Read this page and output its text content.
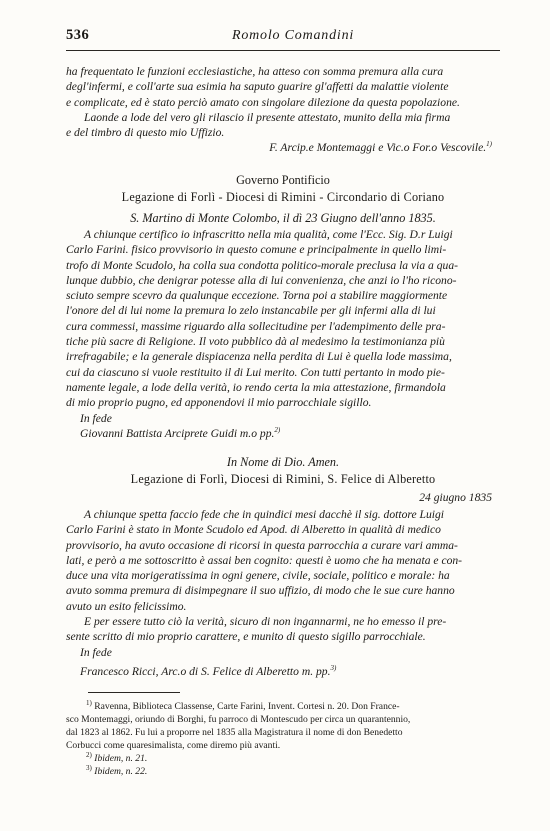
536	Romolo Comandini
ha frequentato le funzioni ecclesiastiche, ha atteso con somma premura alla cura
degl'infermi, e coll'arte sua esimia ha saputo guarire gl'affetti da malattie violente
e complicate, ed è stato perciò amato con singolare dilezione da questa popolazione.
Laonde a lode del vero gli rilascio il presente attestato, munito della mia firma
e del timbro di questo mio Uffizio.
F. Arcip.e Montemaggi e Vic.o For.o Vescovile.$^{1)}$
Governo Pontificio
Legazione di Forlì - Diocesi di Rimini - Circondario di Coriano
S. Martino di Monte Colombo, il dì 23 Giugno dell'anno 1835.
A chiunque certifico io infrascritto nella mia qualità, come l'Ecc. Sig. D.r Luigi
Carlo Farini. fisico provvisorio in questo comune e principalmente in quello limi-
trofo di Monte Scudolo, ha colla sua condotta politico-morale preclusa la via a qua-
lunque dubbio, che denigrar potesse alla di lui convenienza, che anzi io l'ho ricono-
sciuto sempre scevro da qualunque eccezione. Torna poi a stabilire maggiormente
l'onore del di lui nome la premura lo zelo instancabile per gli infermi alla di lui
cura commessi, massime riguardo alla sollecitudine per l'adempimento delle pra-
tiche più sacre di Religione. Il voto pubblico dà al medesimo la testimonianza più
irrefragabile; e la generale dispiacenza nella perdita di Lui è quella lode massima,
cui da ciascuno si vuole restituito il di Lui merito. Con tutti pertanto in modo pie-
namente legale, a lode della verità, io rendo certa la mia attestazione, firmandola
di mio proprio pugno, ed apponendovi il mio parrocchiale sigillo.
In fede
Giovanni Battista Arciprete Guidi m.o pp.$^{2)}$
In Nome di Dio. Amen.
Legazione di Forlì, Diocesi di Rimini, S. Felice di Alberetto
24 giugno 1835
A chiunque spetta faccio fede che in quindici mesi dacchè il sig. dottore Luigi
Carlo Farini è stato in Monte Scudolo ed Apod. di Alberetto in qualità di medico
provvisorio, ha avuto occasione di ricorsi in questa parrocchia a curare vari amma-
lati, e però a me sottoscritto è assai ben cognito: questi è uomo che ha menata e con-
duce una vita morigeratissima in ogni genere, civile, sociale, politico e morale: ha
avuto somma premura di disimpegnare il suo uffizio, di modo che le sue cure hanno
avuto un esito felicissimo.
E per essere tutto ciò la verità, sicuro di non ingannarmi, ne ho emesso il pre-
sente scritto di mio proprio carattere, e munito di questo sigillo parrocchiale.
In fede
Francesco Ricci, Arc.o di S. Felice di Alberetto m. pp.$^{3)}$
$^{1)}$ Ravenna, Biblioteca Classense, Carte Farini, Invent. Cortesi n. 20. Don France-
sco Montemaggi, oriundo di Borghi, fu parroco di Montescudo per circa un quarantennio,
dal 1823 al 1862. Fu lui a proporre nel 1835 alla Magistratura il nome di don Benedetto
Corbucci come quaresimalista, come diremo più avanti.
$^{2)}$ Ibidem, n. 21.
$^{3)}$ Ibidem, n. 22.
